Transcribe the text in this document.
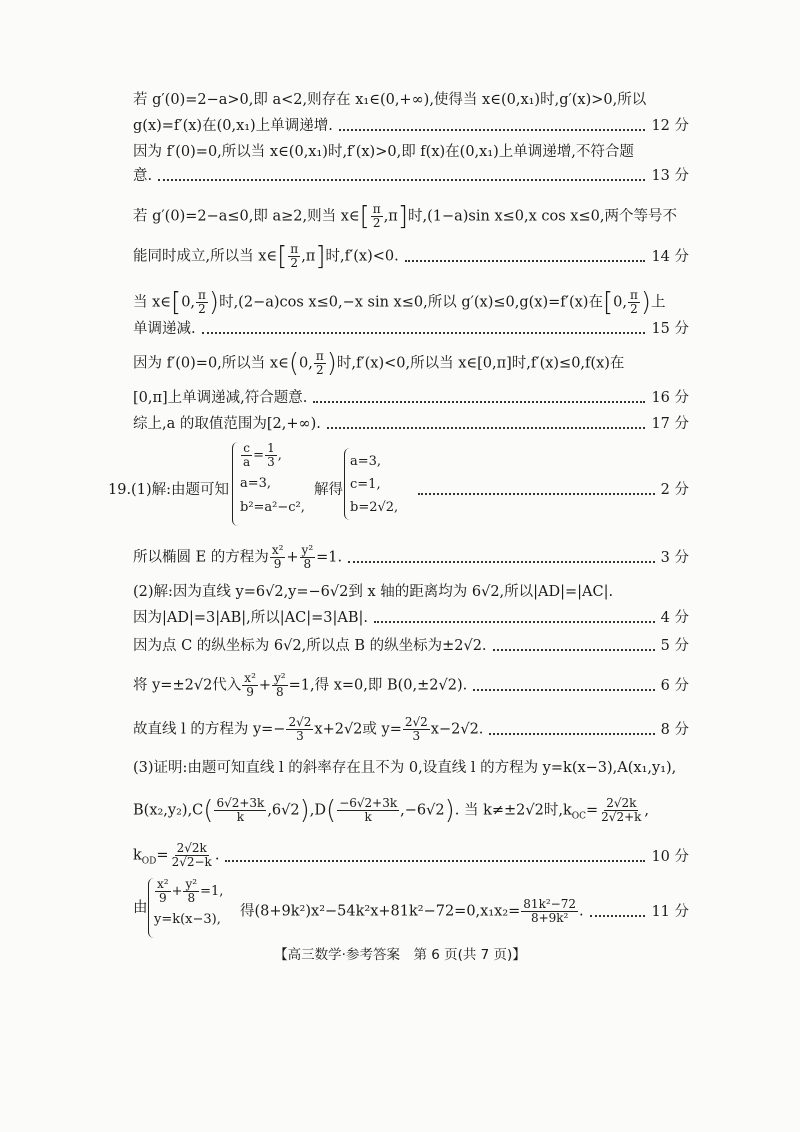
若 g′(0)=2−a>0,即 a<2,则存在 x₁∈(0,+∞),使得当 x∈(0,x₁)时,g′(x)>0,所以
g(x)=f′(x)在(0,x₁)上单调递增.	12 分
因为 f′(0)=0,所以当 x∈(0,x₁)时,f′(x)>0,即 f(x)在(0,x₁)上单调递增,不符合题
意.	13 分
若 g′(0)=2−a≤0,即 a≥2,则当 x∈[ $\frac{\pi}{2} ,\pi$]时,(1−a)sin x≤0,x cos x≤0,两个等号不
能同时成立,所以当 x∈[ $\frac{\pi}{2} ,\pi$]时,f′(x)<0.	14 分
当 x∈[0, $\frac{\pi}{2}$ )时,(2−a)cos x≤0,−x sin x≤0,所以 g′(x)≤0,g(x)=f′(x)在[0, $\frac{\pi}{2}$ )上
单调递减.	15 分
因为 f′(0)=0,所以当 x∈(0, $\frac{\pi}{2}$ )时,f′(x)<0,所以当 x∈[0,π]时,f′(x)≤0,f(x)在
[0,π]上单调递减,符合题意.	16 分
综上,a 的取值范围为[2,+∞).	17 分
19.(1)解:由题可知
$\frac{c}{a} = \frac{1}{3}$ ,
a=3,
b²=a²−c²,
解得
a=3,
c=1,
b=2√2,
2 分
所以椭圆 E 的方程为 $\frac{\text{x²}}{9} + \frac{\text{y²}}{8} =1$.	3 分
(2)解:因为直线 y=6√2,y=−6√2到 x 轴的距离均为 6√2,所以|AD|=|AC|.
因为|AD|=3|AB|,所以|AC|=3|AB|.	4 分
因为点 C 的纵坐标为 6√2,所以点 B 的纵坐标为±2√2.	5 分
将 y=±2√2代入 $\frac{\text{x²}}{9} + \frac{\text{y²}}{8} =1$,得 x=0,即 B(0,±2√2).	6 分
故直线 l 的方程为 $y=- \frac{2√2}{3} x+2√2$或 $y= \frac{2√2}{3} x-2√2$.	8 分
(3)证明:由题可知直线 l 的斜率存在且不为 0,设直线 l 的方程为 y=k(x−3),A(x₁,y₁),
$B(x_2,y_2),C( \frac{6√2+3k}{k} ,6√2),D( \frac{-6√2+3k}{k} ,-6√2)$. 当 k≠±2√2时$,k_{OC}= \frac{2√2k}{2√2+k}$ ,
$k_{OD}= \frac{2√2k}{2√2-k}$ .	10 分
由
$\frac{\text{x²}}{9} + \frac{\text{y²}}{8} =1$,
y=k(x−3), 得$(8+9k^2)x^2-54k^2x+81k^2-72=0,x_1x_2= \frac{\text{81k²−72}}{\text{8+9k²}}$ .	11 分
【高三数学·参考答案　第 6 页(共 7 页)】
